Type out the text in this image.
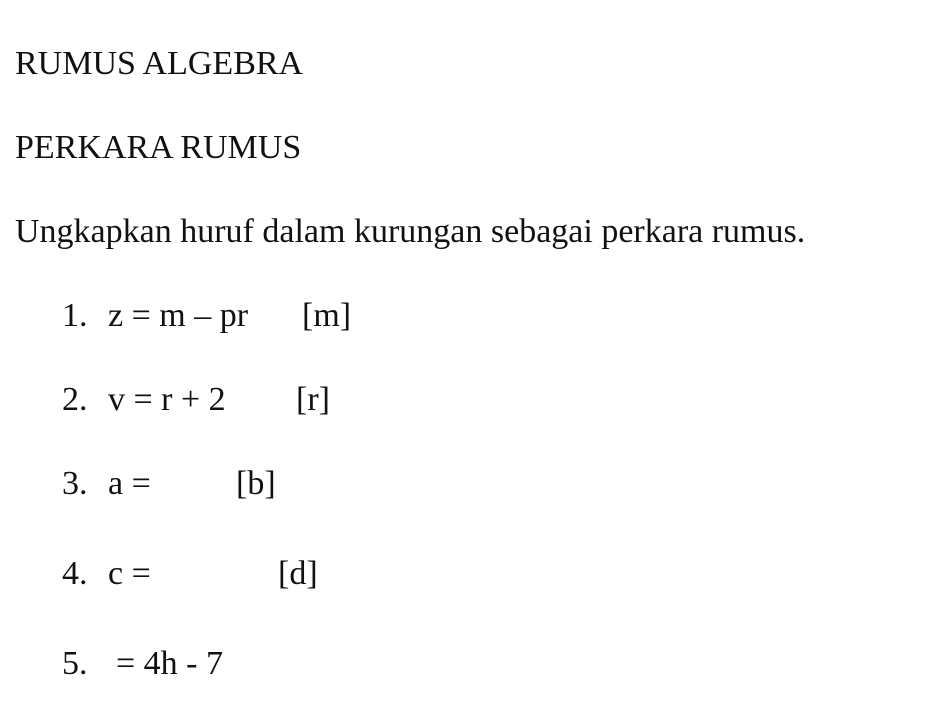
RUMUS ALGEBRA
PERKARA RUMUS
Ungkapkan huruf dalam kurungan sebagai perkara rumus.
1. z = m – pr [m]
2. v = r + 2 [r]
3. a =	[b]
4. c =	[d]
5. = 4h - 7
